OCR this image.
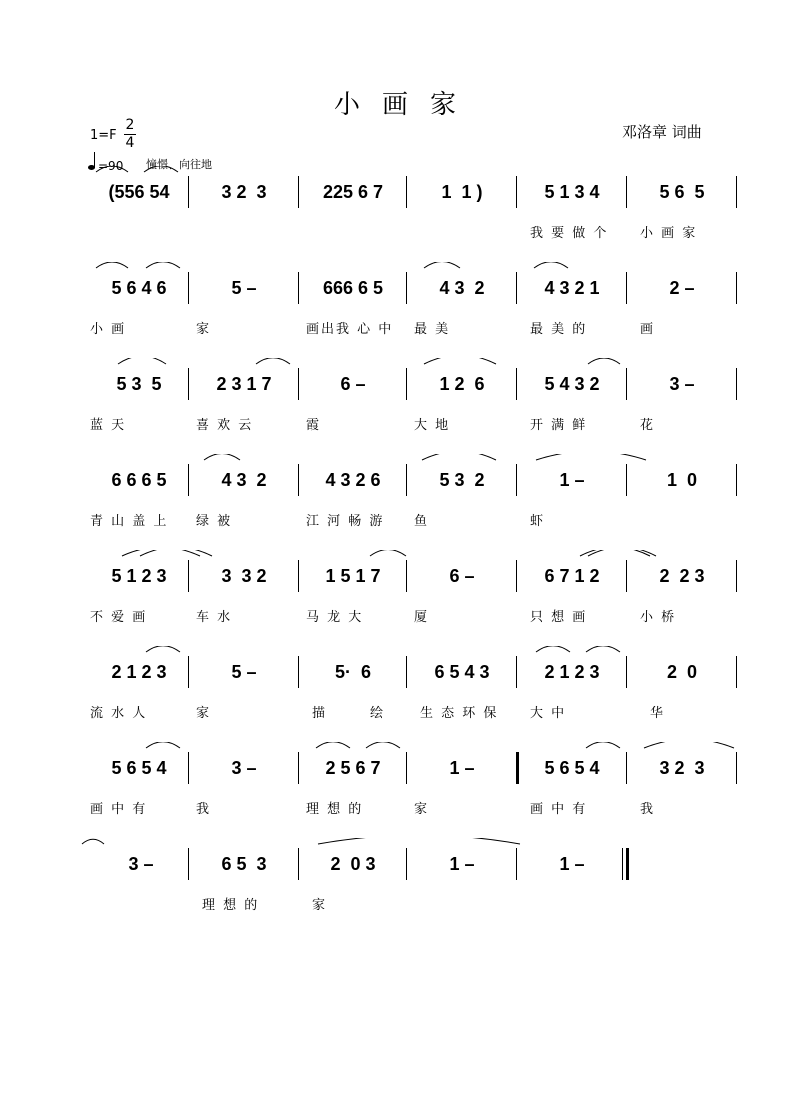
小画家
邓洛章 词曲
1=F
2
4
=90 憧憬、向往地
(556 54	3 2  3	225 6 7	1  1 )	5 1 3 4	5 6  5
我 要 做 个 小 画 家
5 6 4 6	5 –	666 6 5	4 3  2	4 3 2 1	2 –
小 画	家	画出我 心 中 最 美	最 美 的	画
5 3  5	2 3 1 7	6 –	1 2  6	5 4 3 2	3 –
蓝 天	喜 欢 云	霞	大 地	开 满 鲜	花
6 6 6 5	4 3  2	4 3 2 6	5 3  2	1 –	1  0
青 山 盖 上 绿 被	江 河 畅 游 鱼	虾
5 1 2 3	3  3 2	1 5 1 7	6 –	6 7 1 2	2  2 3
不 爱 画	车 水	马 龙 大	厦	只 想 画	小 桥
2 1 2 3	5 –	5·  6	6 5 4 3	2 1 2 3	2  0
流 水 人	家	描	绘	生 态 环 保 大 中	华
5 6 5 4	3 –	2 5 6 7	1 –	5 6 5 4	3 2  3
画 中 有	我	理 想 的	家	画 中 有	我
3 –	6 5  3	2  0 3	1 –	1 –
理 想 的	家
